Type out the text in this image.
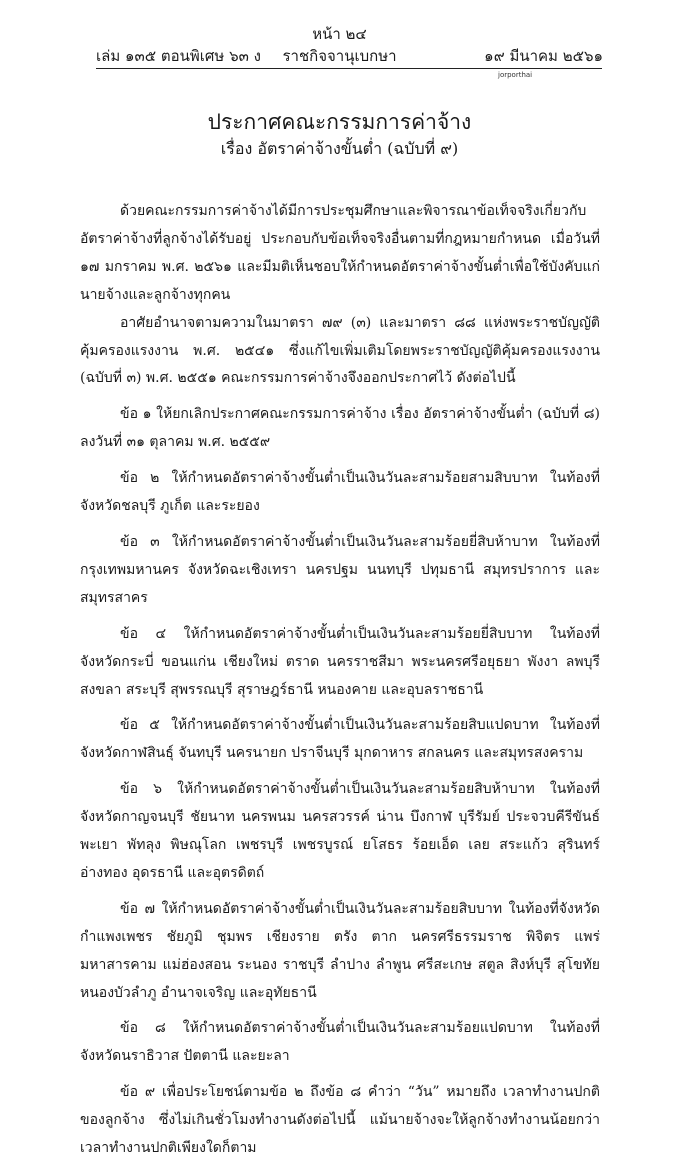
หน้า ๒๔
เล่ม ๑๓๕ ตอนพิเศษ ๖๓ ง	ราชกิจจานุเบกษา	๑๙ มีนาคม ๒๕๖๑
jorporthai
ประกาศคณะกรรมการค่าจ้าง
เรื่อง อัตราค่าจ้างขั้นต่ำ (ฉบับที่ ๙)

ด้วยคณะกรรมการค่าจ้างได้มีการประชุมศึกษาและพิจารณาข้อเท็จจริงเกี่ยวกับอัตราค่าจ้างที่ลูกจ้างได้รับอยู่ ประกอบกับข้อเท็จจริงอื่นตามที่กฎหมายกำหนด เมื่อวันที่ ๑๗ มกราคม พ.ศ. ๒๕๖๑ และมีมติเห็นชอบให้กำหนดอัตราค่าจ้างขั้นต่ำเพื่อใช้บังคับแก่นายจ้างและลูกจ้างทุกคน

อาศัยอำนาจตามความในมาตรา ๗๙ (๓) และมาตรา ๘๘ แห่งพระราชบัญญัติคุ้มครองแรงงาน พ.ศ. ๒๕๔๑ ซึ่งแก้ไขเพิ่มเติมโดยพระราชบัญญัติคุ้มครองแรงงาน (ฉบับที่ ๓) พ.ศ. ๒๕๕๑ คณะกรรมการค่าจ้างจึงออกประกาศไว้ ดังต่อไปนี้

ข้อ ๑ ให้ยกเลิกประกาศคณะกรรมการค่าจ้าง เรื่อง อัตราค่าจ้างขั้นต่ำ (ฉบับที่ ๘) ลงวันที่ ๓๑ ตุลาคม พ.ศ. ๒๕๕๙

ข้อ ๒ ให้กำหนดอัตราค่าจ้างขั้นต่ำเป็นเงินวันละสามร้อยสามสิบบาท ในท้องที่จังหวัดชลบุรี ภูเก็ต และระยอง

ข้อ ๓ ให้กำหนดอัตราค่าจ้างขั้นต่ำเป็นเงินวันละสามร้อยยี่สิบห้าบาท ในท้องที่กรุงเทพมหานคร จังหวัดฉะเชิงเทรา นครปฐม นนทบุรี ปทุมธานี สมุทรปราการ และสมุทรสาคร

ข้อ ๔ ให้กำหนดอัตราค่าจ้างขั้นต่ำเป็นเงินวันละสามร้อยยี่สิบบาท ในท้องที่จังหวัดกระบี่ ขอนแก่น เชียงใหม่ ตราด นครราชสีมา พระนครศรีอยุธยา พังงา ลพบุรี สงขลา สระบุรี สุพรรณบุรี สุราษฎร์ธานี หนองคาย และอุบลราชธานี

ข้อ ๕ ให้กำหนดอัตราค่าจ้างขั้นต่ำเป็นเงินวันละสามร้อยสิบแปดบาท ในท้องที่จังหวัดกาฬสินธุ์ จันทบุรี นครนายก ปราจีนบุรี มุกดาหาร สกลนคร และสมุทรสงคราม

ข้อ ๖ ให้กำหนดอัตราค่าจ้างขั้นต่ำเป็นเงินวันละสามร้อยสิบห้าบาท ในท้องที่จังหวัดกาญจนบุรี ชัยนาท นครพนม นครสวรรค์ น่าน บึงกาฬ บุรีรัมย์ ประจวบคีรีขันธ์ พะเยา พัทลุง พิษณุโลก เพชรบุรี เพชรบูรณ์ ยโสธร ร้อยเอ็ด เลย สระแก้ว สุรินทร์ อ่างทอง อุดรธานี และอุตรดิตถ์

ข้อ ๗ ให้กำหนดอัตราค่าจ้างขั้นต่ำเป็นเงินวันละสามร้อยสิบบาท ในท้องที่จังหวัดกำแพงเพชร ชัยภูมิ ชุมพร เชียงราย ตรัง ตาก นครศรีธรรมราช พิจิตร แพร่ มหาสารคาม แม่ฮ่องสอน ระนอง ราชบุรี ลำปาง ลำพูน ศรีสะเกษ สตูล สิงห์บุรี สุโขทัย หนองบัวลำภู อำนาจเจริญ และอุทัยธานี

ข้อ ๘ ให้กำหนดอัตราค่าจ้างขั้นต่ำเป็นเงินวันละสามร้อยแปดบาท ในท้องที่จังหวัดนราธิวาส ปัตตานี และยะลา

ข้อ ๙ เพื่อประโยชน์ตามข้อ ๒ ถึงข้อ ๘ คำว่า “วัน” หมายถึง เวลาทำงานปกติของลูกจ้าง ซึ่งไม่เกินชั่วโมงทำงานดังต่อไปนี้ แม้นายจ้างจะให้ลูกจ้างทำงานน้อยกว่าเวลาทำงานปกติเพียงใดก็ตาม
